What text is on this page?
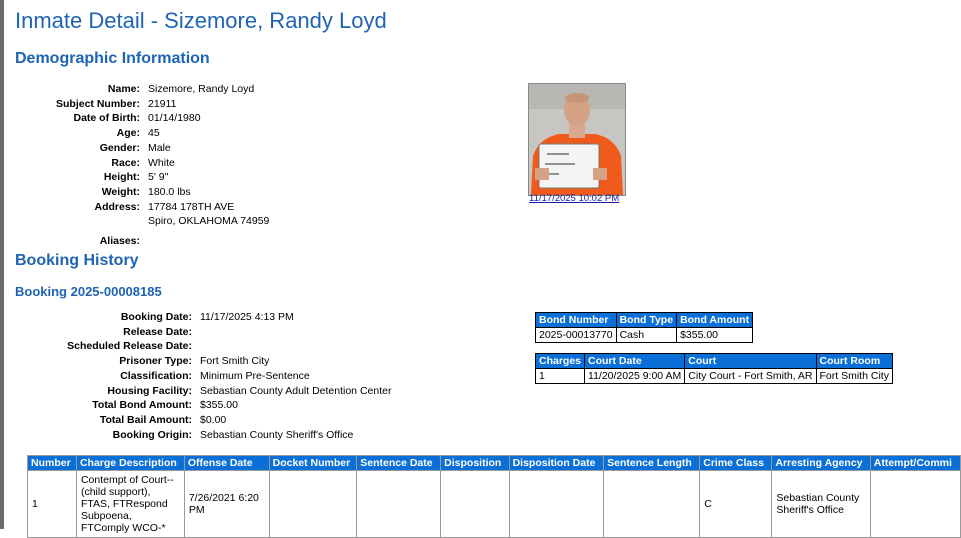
Inmate Detail - Sizemore, Randy Loyd
Demographic Information
Name: Sizemore, Randy Loyd
Subject Number: 21911
Date of Birth: 01/14/1980
Age: 45
Gender: Male
Race: White
Height: 5' 9"
Weight: 180.0 lbs
Address: 17784 178TH AVE
Spiro, OKLAHOMA 74959
Aliases:
11/17/2025 10:02 PM
Booking History
Booking 2025-00008185
Booking Date: 11/17/2025 4:13 PM
Release Date:
Scheduled Release Date:
Prisoner Type: Fort Smith City
Classification: Minimum Pre-Sentence
Housing Facility: Sebastian County Adult Detention Center
Total Bond Amount: $355.00
Total Bail Amount: $0.00
Booking Origin: Sebastian County Sheriff's Office
Bond Number	Bond Type	Bond Amount
2025-00013770	Cash	$355.00
Charges	Court Date	Court	Court Room
1	11/20/2025 9:00 AM	City Court - Fort Smith, AR	Fort Smith City
Number	Charge Description	Offense Date	Docket Number	Sentence Date	Disposition	Disposition Date	Sentence Length	Crime Class	Arresting Agency	Attempt/Commi
1	Contempt of Court--(child support), FTAS, FTRespond Subpoena, FTComply WCO-*	7/26/2021 6:20 PM						C	Sebastian County Sheriff's Office	
